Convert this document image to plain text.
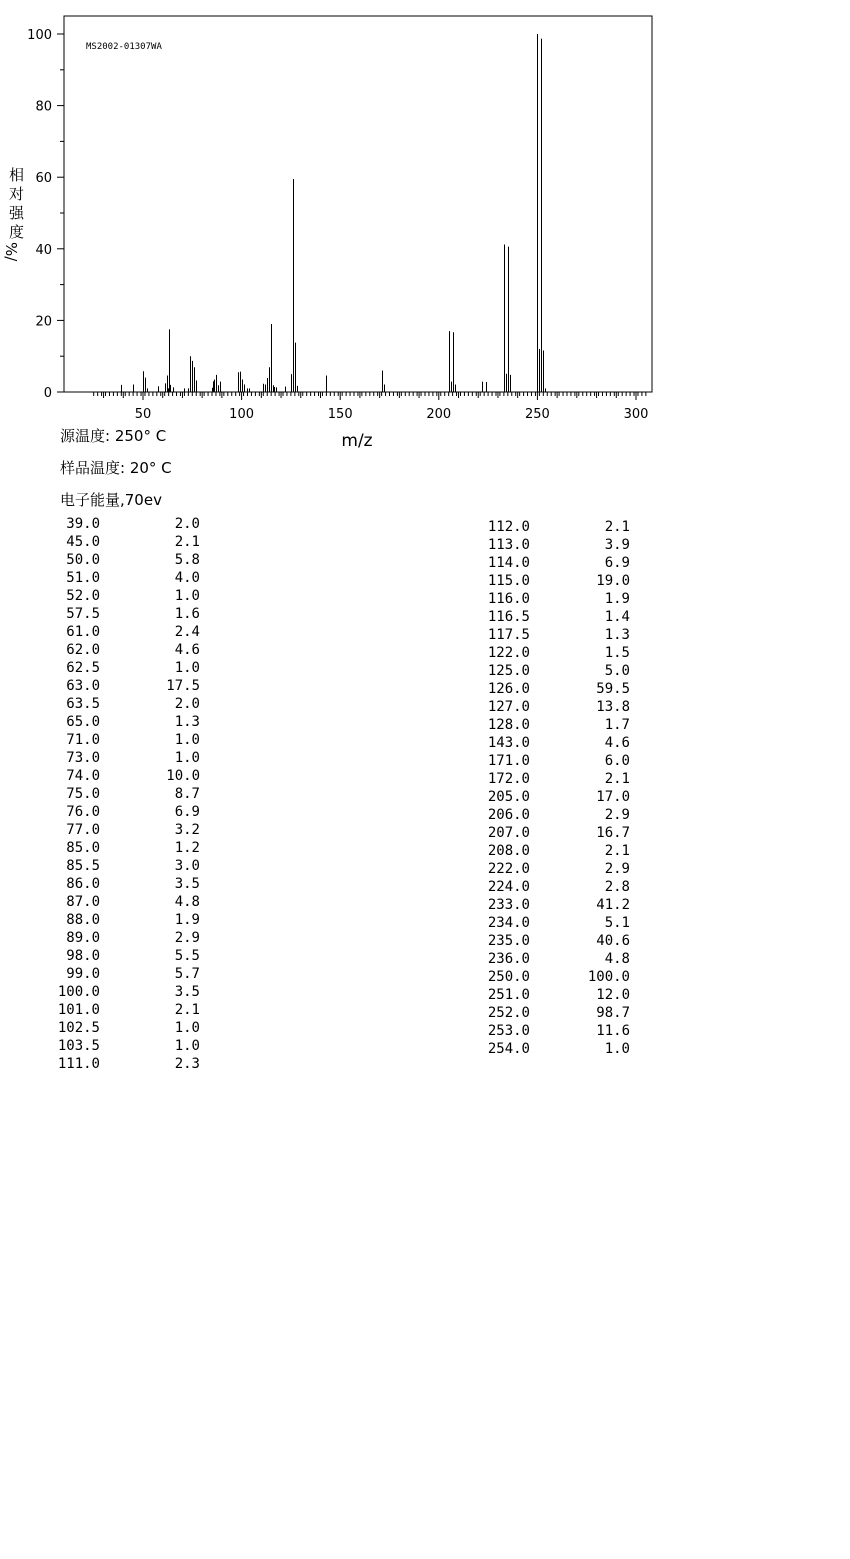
0
20
40
60
80
100
50	100	150	200	250	300
MS2002-01307WA
m/z
相
对
强
度
%/
源温度: 250° C
样品温度: 20° C
电子能量,70ev
39.0	2.0
45.0	2.1
50.0	5.8
51.0	4.0
52.0	1.0
57.5	1.6
61.0	2.4
62.0	4.6
62.5	1.0
63.0	17.5
63.5	2.0
65.0	1.3
71.0	1.0
73.0	1.0
74.0	10.0
75.0	8.7
76.0	6.9
77.0	3.2
85.0	1.2
85.5	3.0
86.0	3.5
87.0	4.8
88.0	1.9
89.0	2.9
98.0	5.5
99.0	5.7
100.0	3.5
101.0	2.1
102.5	1.0
103.5	1.0
111.0	2.3
112.0	2.1
113.0	3.9
114.0	6.9
115.0	19.0
116.0	1.9
116.5	1.4
117.5	1.3
122.0	1.5
125.0	5.0
126.0	59.5
127.0	13.8
128.0	1.7
143.0	4.6
171.0	6.0
172.0	2.1
205.0	17.0
206.0	2.9
207.0	16.7
208.0	2.1
222.0	2.9
224.0	2.8
233.0	41.2
234.0	5.1
235.0	40.6
236.0	4.8
250.0	100.0
251.0	12.0
252.0	98.7
253.0	11.6
254.0	1.0
